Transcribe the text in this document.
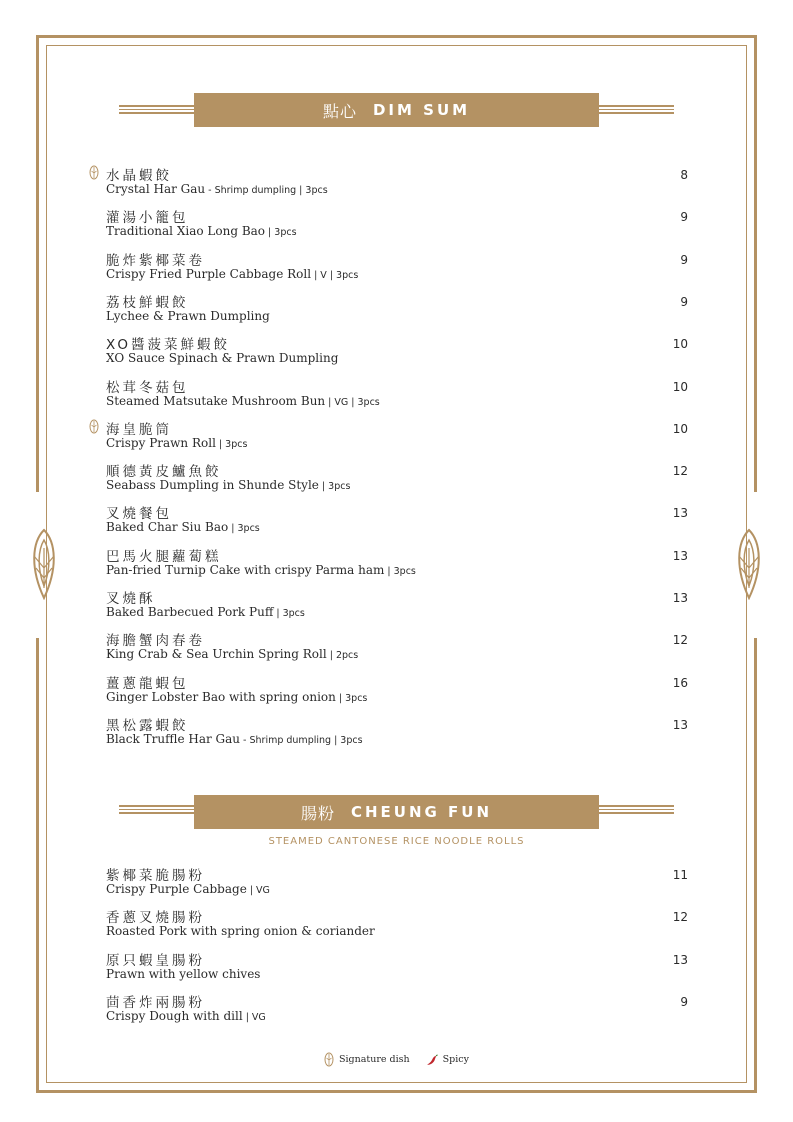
點心 DIM SUM
水晶蝦餃
Crystal Har Gau - Shrimp dumpling | 3pcs
8
灌湯小籠包
Traditional Xiao Long Bao | 3pcs
9
脆炸紫椰菜卷
Crispy Fried Purple Cabbage Roll | V | 3pcs
9
荔枝鮮蝦餃
Lychee & Prawn Dumpling
9
XO醬菠菜鮮蝦餃
XO Sauce Spinach & Prawn Dumpling
10
松茸冬菇包
Steamed Matsutake Mushroom Bun | VG | 3pcs
10
海皇脆筒
Crispy Prawn Roll | 3pcs
10
順德黃皮鱸魚餃
Seabass Dumpling in Shunde Style | 3pcs
12
叉燒餐包
Baked Char Siu Bao | 3pcs
13
巴馬火腿蘿蔔糕
Pan-fried Turnip Cake with crispy Parma ham | 3pcs
13
叉燒酥
Baked Barbecued Pork Puff | 3pcs
13
海膽蟹肉春卷
King Crab & Sea Urchin Spring Roll | 2pcs
12
薑蔥龍蝦包
Ginger Lobster Bao with spring onion | 3pcs
16
黑松露蝦餃
Black Truffle Har Gau - Shrimp dumpling | 3pcs
13
腸粉 CHEUNG FUN
STEAMED CANTONESE RICE NOODLE ROLLS
紫椰菜脆腸粉
Crispy Purple Cabbage | VG
11
香蔥叉燒腸粉
Roasted Pork with spring onion & coriander
12
原只蝦皇腸粉
Prawn with yellow chives
13
茴香炸兩腸粉
Crispy Dough with dill | VG
9
Signature dish	Spicy
